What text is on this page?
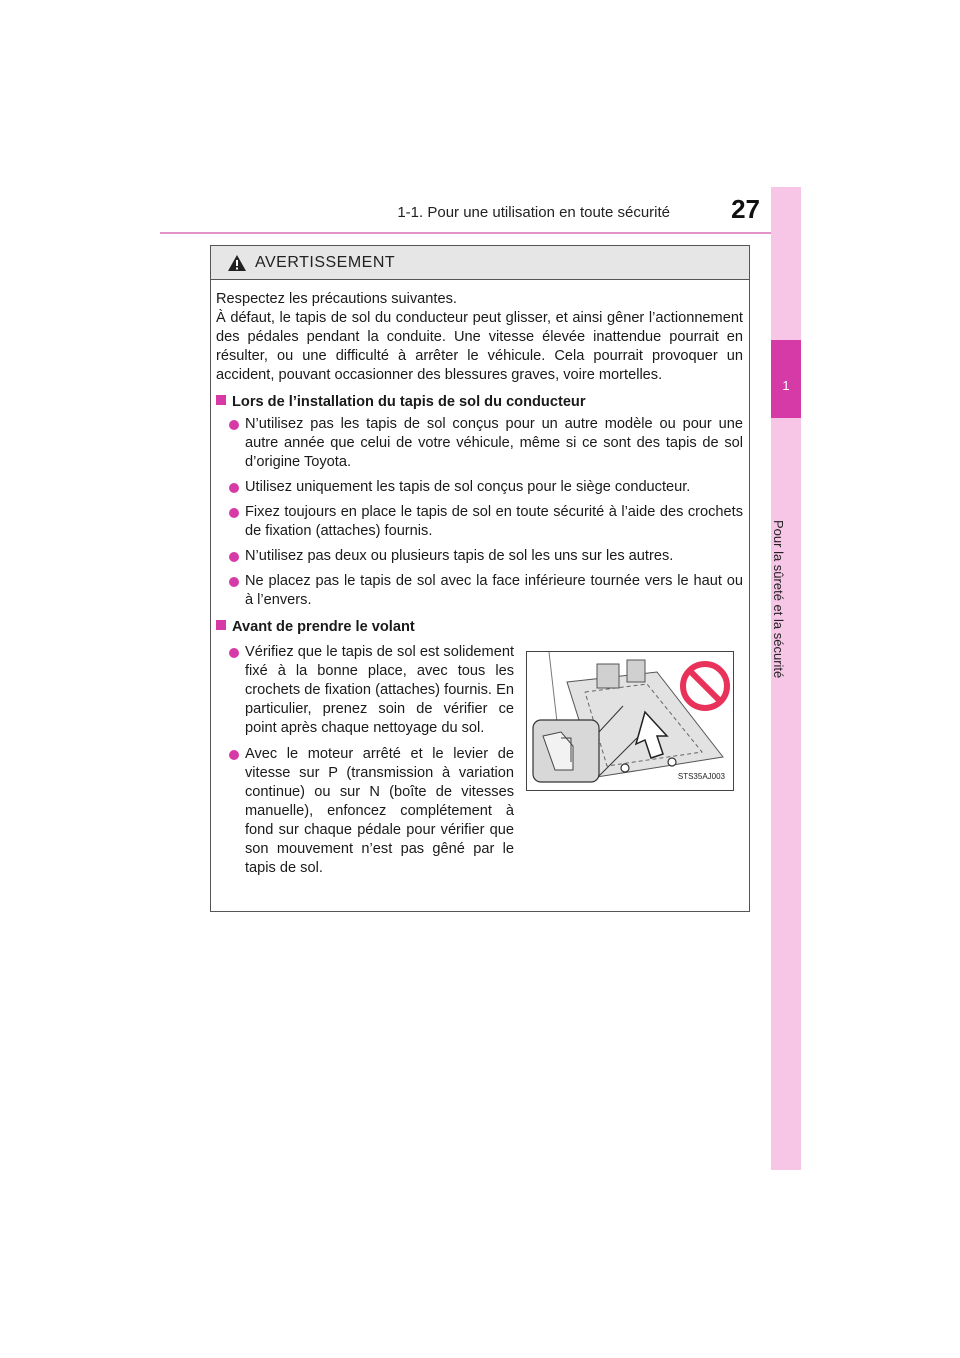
1-1. Pour une utilisation en toute sécurité	27
1
Pour la sûreté et la sécurité
AVERTISSEMENT

Respectez les précautions suivantes.

À défaut, le tapis de sol du conducteur peut glisser, et ainsi gêner l’actionnement des pédales pendant la conduite. Une vitesse élevée inattendue pourrait en résulter, ou une difficulté à arrêter le véhicule. Cela pourrait provoquer un accident, pouvant occasionner des blessures graves, voire mortelles.

Lors de l’installation du tapis de sol du conducteur
N’utilisez pas les tapis de sol conçus pour un autre modèle ou pour une autre année que celui de votre véhicule, même si ce sont des tapis de sol d’origine Toyota.
Utilisez uniquement les tapis de sol conçus pour le siège conducteur.
Fixez toujours en place le tapis de sol en toute sécurité à l’aide des crochets de fixation (attaches) fournis.
N’utilisez pas deux ou plusieurs tapis de sol les uns sur les autres.
Ne placez pas le tapis de sol avec la face inférieure tournée vers le haut ou à l’envers.
Avant de prendre le volant
Vérifiez que le tapis de sol est solidement fixé à la bonne place, avec tous les crochets de fixation (attaches) fournis. En particulier, prenez soin de vérifier ce point après chaque nettoyage du sol.
Avec le moteur arrêté et le levier de vitesse sur P (transmission à variation continue) ou sur N (boîte de vitesses manuelle), enfoncez complétement à fond sur chaque pédale pour vérifier que son mouvement n’est pas gêné par le tapis de sol.
STS35AJ003
